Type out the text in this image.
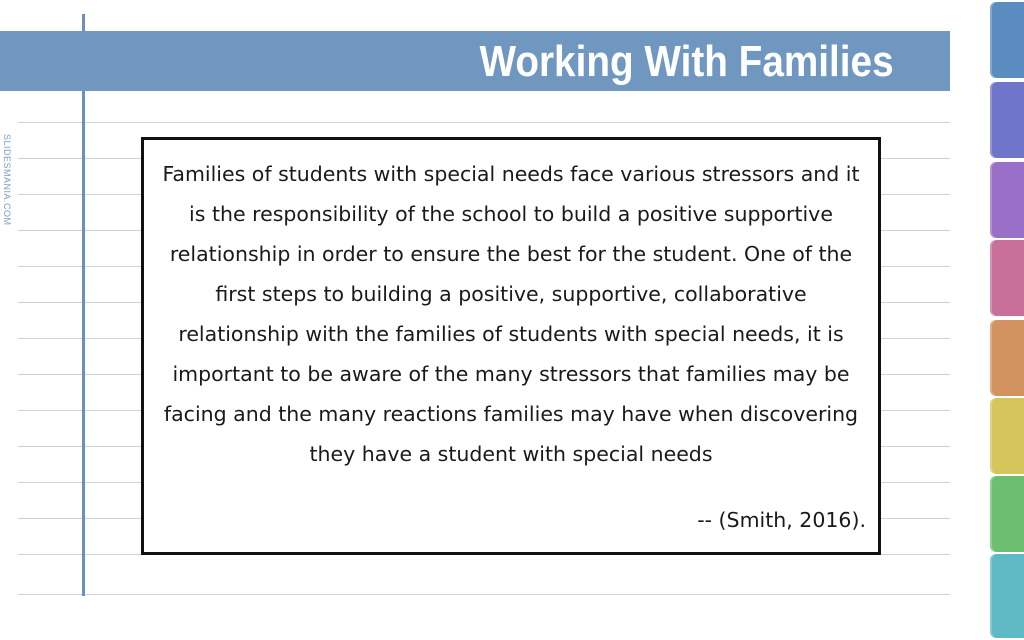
Working With Families
SLIDESMANIA.COM	Families of students with special needs face various stressors and it is the responsibility of the school to build a positive supportive relationship in order to ensure the best for the student. One of the first steps to building a positive, supportive, collaborative relationship with the families of students with special needs, it is important to be aware of the many stressors that families may be facing and the many reactions families may have when discovering they have a student with special needs
-- (Smith, 2016).
